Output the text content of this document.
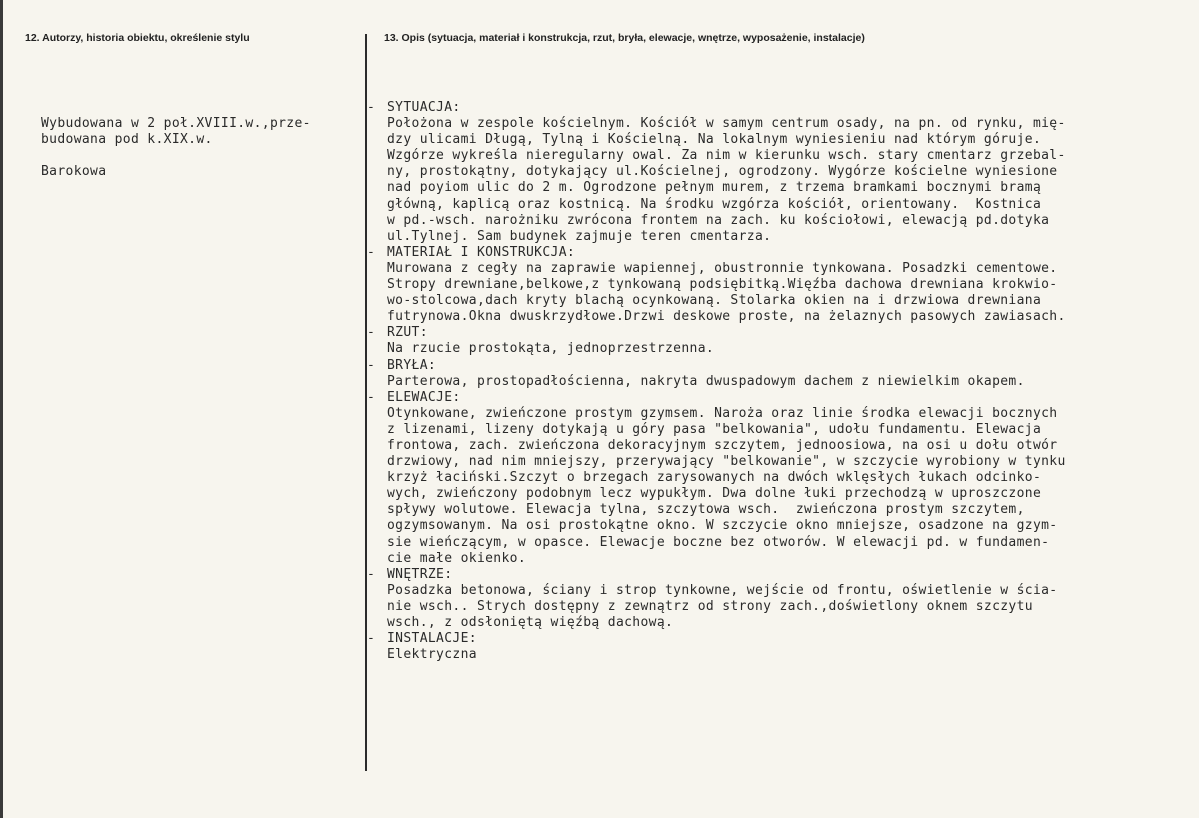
12. Autorzy, historia obiektu, określenie stylu	13. Opis (sytuacja, materiał i konstrukcja, rzut, bryła, elewacje, wnętrze, wyposażenie, instalacje)
Wybudowana w 2 poł.XVIII.w.,prze-
budowana pod k.XIX.w.
Barokowa
- SYTUACJA:
Położona w zespole kościelnym. Kościół w samym centrum osady, na pn. od rynku, mię-
dzy ulicami Długą, Tylną i Kościelną. Na lokalnym wyniesieniu nad którym góruje.
Wzgórze wykreśla nieregularny owal. Za nim w kierunku wsch. stary cmentarz grzebal-
ny, prostokątny, dotykający ul.Kościelnej, ogrodzony. Wygórze kościelne wyniesione
nad poyiom ulic do 2 m. Ogrodzone pełnym murem, z trzema bramkami bocznymi bramą
główną, kaplicą oraz kostnicą. Na środku wzgórza kościół, orientowany.  Kostnica
w pd.-wsch. narożniku zwrócona frontem na zach. ku kościołowi, elewacją pd.dotyka
ul.Tylnej. Sam budynek zajmuje teren cmentarza.
- MATERIAŁ I KONSTRUKCJA:
Murowana z cegły na zaprawie wapiennej, obustronnie tynkowana. Posadzki cementowe.
Stropy drewniane,belkowe,z tynkowaną podsiębitką.Więźba dachowa drewniana krokwio-
wo-stolcowa,dach kryty blachą ocynkowaną. Stolarka okien na i drzwiowa drewniana
futrynowa.Okna dwuskrzydłowe.Drzwi deskowe proste, na żelaznych pasowych zawiasach.
- RZUT:
Na rzucie prostokąta, jednoprzestrzenna.
- BRYŁA:
Parterowa, prostopadłościenna, nakryta dwuspadowym dachem z niewielkim okapem.
- ELEWACJE:
Otynkowane, zwieńczone prostym gzymsem. Naroża oraz linie środka elewacji bocznych
z lizenami, lizeny dotykają u góry pasa "belkowania", udołu fundamentu. Elewacja
frontowa, zach. zwieńczona dekoracyjnym szczytem, jednoosiowa, na osi u dołu otwór
drzwiowy, nad nim mniejszy, przerywający "belkowanie", w szczycie wyrobiony w tynku
krzyż łaciński.Szczyt o brzegach zarysowanych na dwóch wklęsłych łukach odcinko-
wych, zwieńczony podobnym lecz wypukłym. Dwa dolne łuki przechodzą w uproszczone
spływy wolutowe. Elewacja tylna, szczytowa wsch.  zwieńczona prostym szczytem,
ogzymsowanym. Na osi prostokątne okno. W szczycie okno mniejsze, osadzone na gzym-
sie wieńczącym, w opasce. Elewacje boczne bez otworów. W elewacji pd. w fundamen-
cie małe okienko.
- WNĘTRZE:
Posadzka betonowa, ściany i strop tynkowne, wejście od frontu, oświetlenie w ścia-
nie wsch.. Strych dostępny z zewnątrz od strony zach.,doświetlony oknem szczytu
wsch., z odsłoniętą więźbą dachową.
- INSTALACJE:
Elektryczna
